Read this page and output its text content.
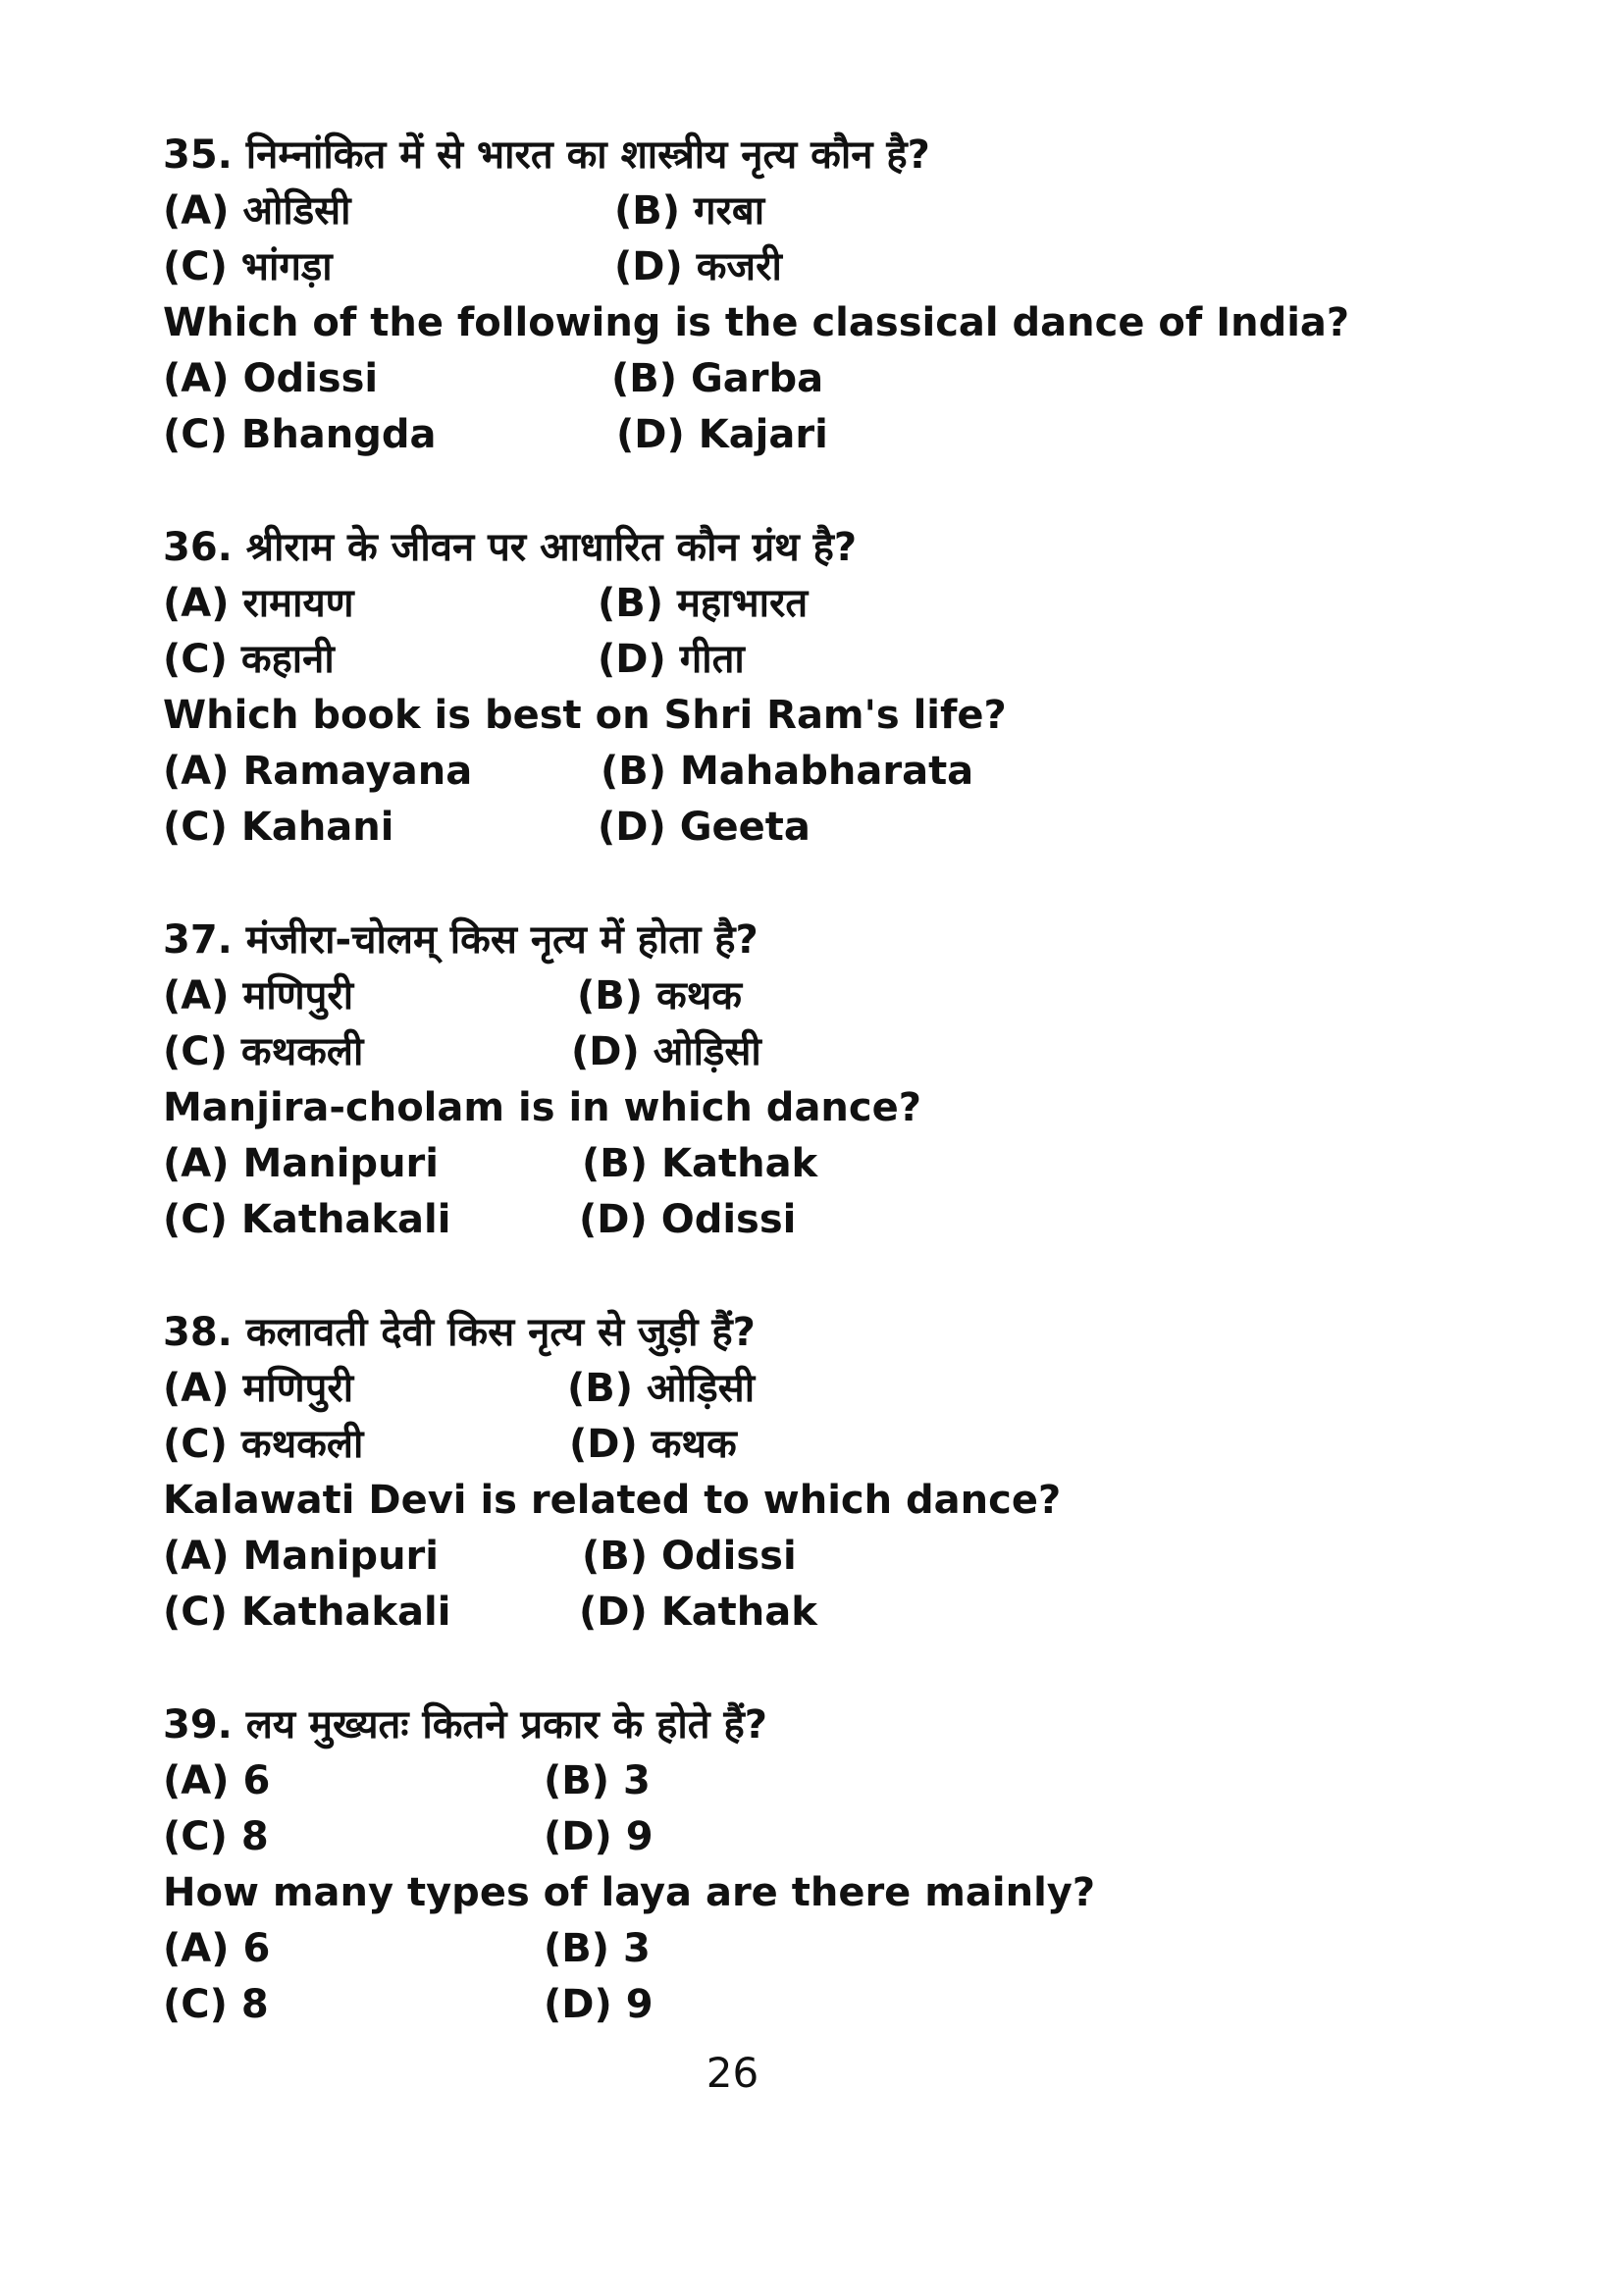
35. निम्नांकित में से भारत का शास्त्रीय नृत्य कौन है?
(A) ओडिसी	(B) गरबा
(C) भांगड़ा	(D) कजरी
Which of the following is the classical dance of India?
(A) Odissi	(B) Garba
(C) Bhangda	(D) Kajari
36. श्रीराम के जीवन पर आधारित कौन ग्रंथ है?
(A) रामायण	(B) महाभारत
(C) कहानी	(D) गीता
Which book is best on Shri Ram's life?
(A) Ramayana	(B) Mahabharata
(C) Kahani	(D) Geeta
37. मंजीरा-चोलम् किस नृत्य में होता है?
(A) मणिपुरी	(B) कथक
(C) कथकली	(D) ओड़िसी
Manjira-cholam is in which dance?
(A) Manipuri	(B) Kathak
(C) Kathakali	(D) Odissi
38. कलावती देवी किस नृत्य से जुड़ी हैं?
(A) मणिपुरी	(B) ओड़िसी
(C) कथकली	(D) कथक
Kalawati Devi is related to which dance?
(A) Manipuri	(B) Odissi
(C) Kathakali	(D) Kathak
39. लय मुख्यतः कितने प्रकार के होते हैं?
(A) 6	(B) 3
(C) 8	(D) 9
How many types of laya are there mainly?
(A) 6	(B) 3
(C) 8	(D) 9
26
